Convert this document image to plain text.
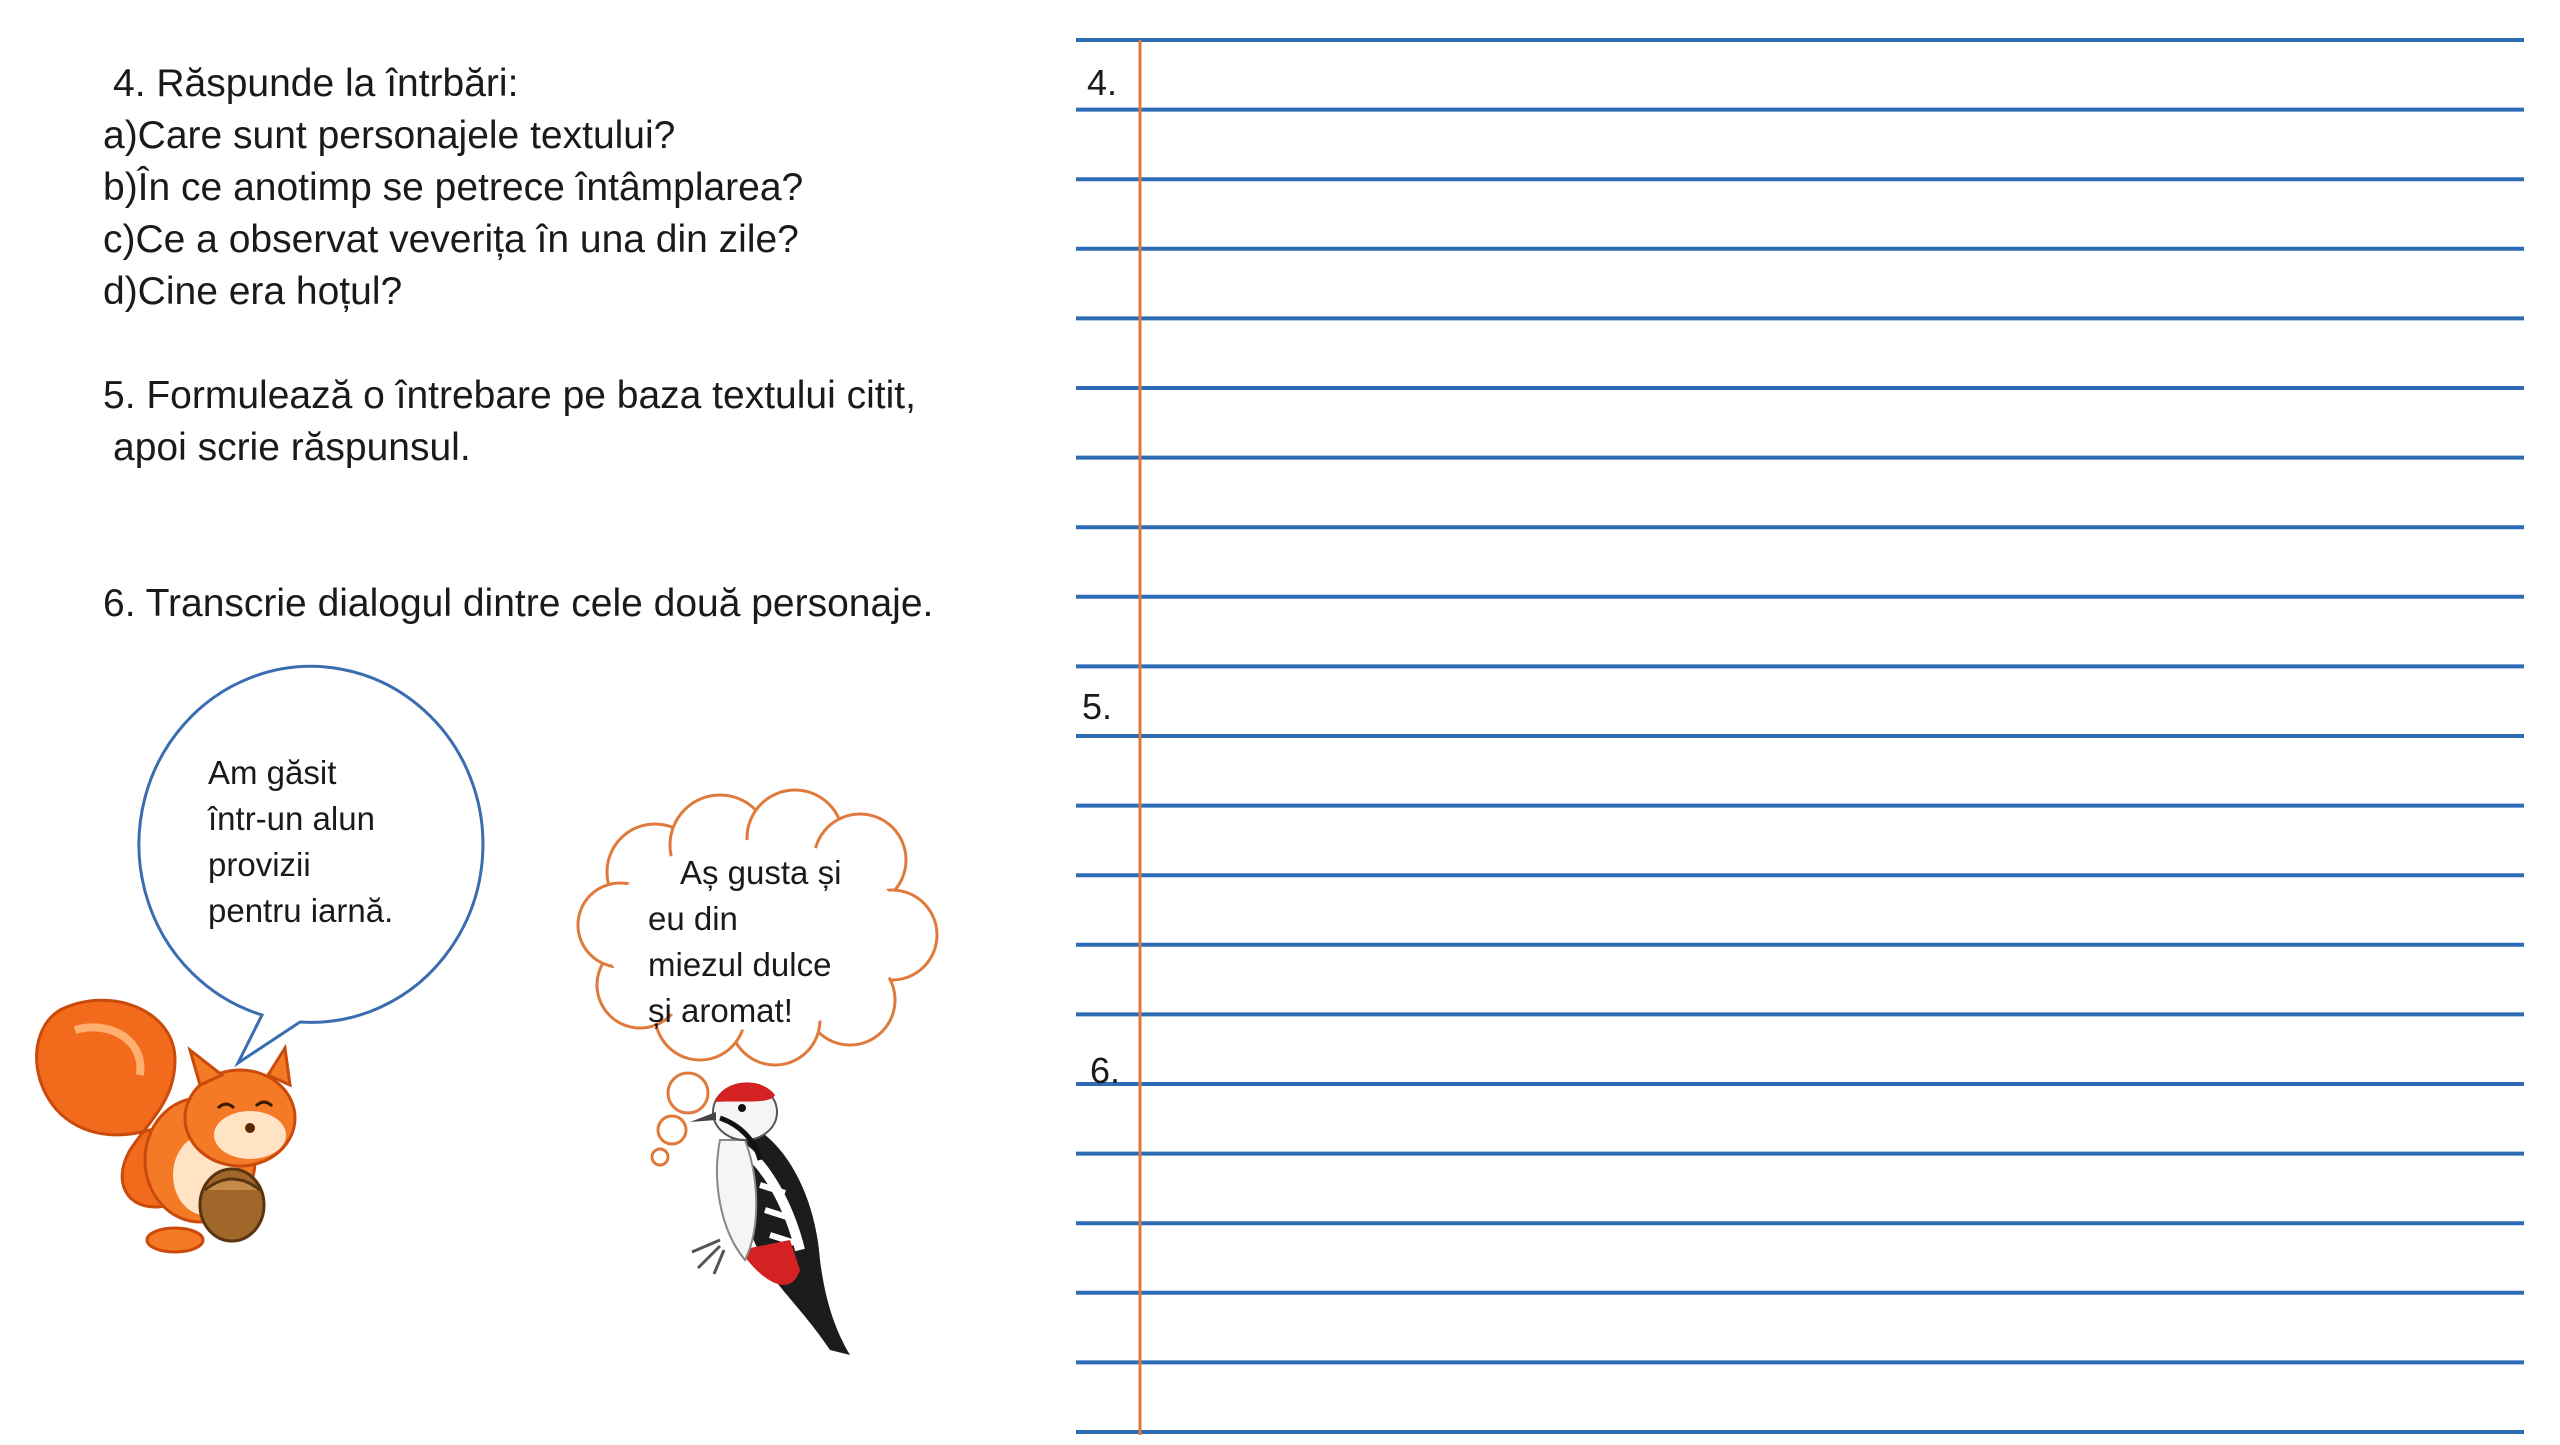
4. Răspunde la întrbări:
a)Care sunt personajele textului?
b)În ce anotimp se petrece întâmplarea?
c)Ce a observat veverița în una din zile?
d)Cine era hoțul?
5. Formulează o întrebare pe baza textului citit,
apoi scrie răspunsul.
6. Transcrie dialogul dintre cele două personaje.
Am găsit
într-un alun
provizii
pentru iarnă.
Aș gusta și
eu din
miezul dulce
și aromat!
4.
5.
6.
